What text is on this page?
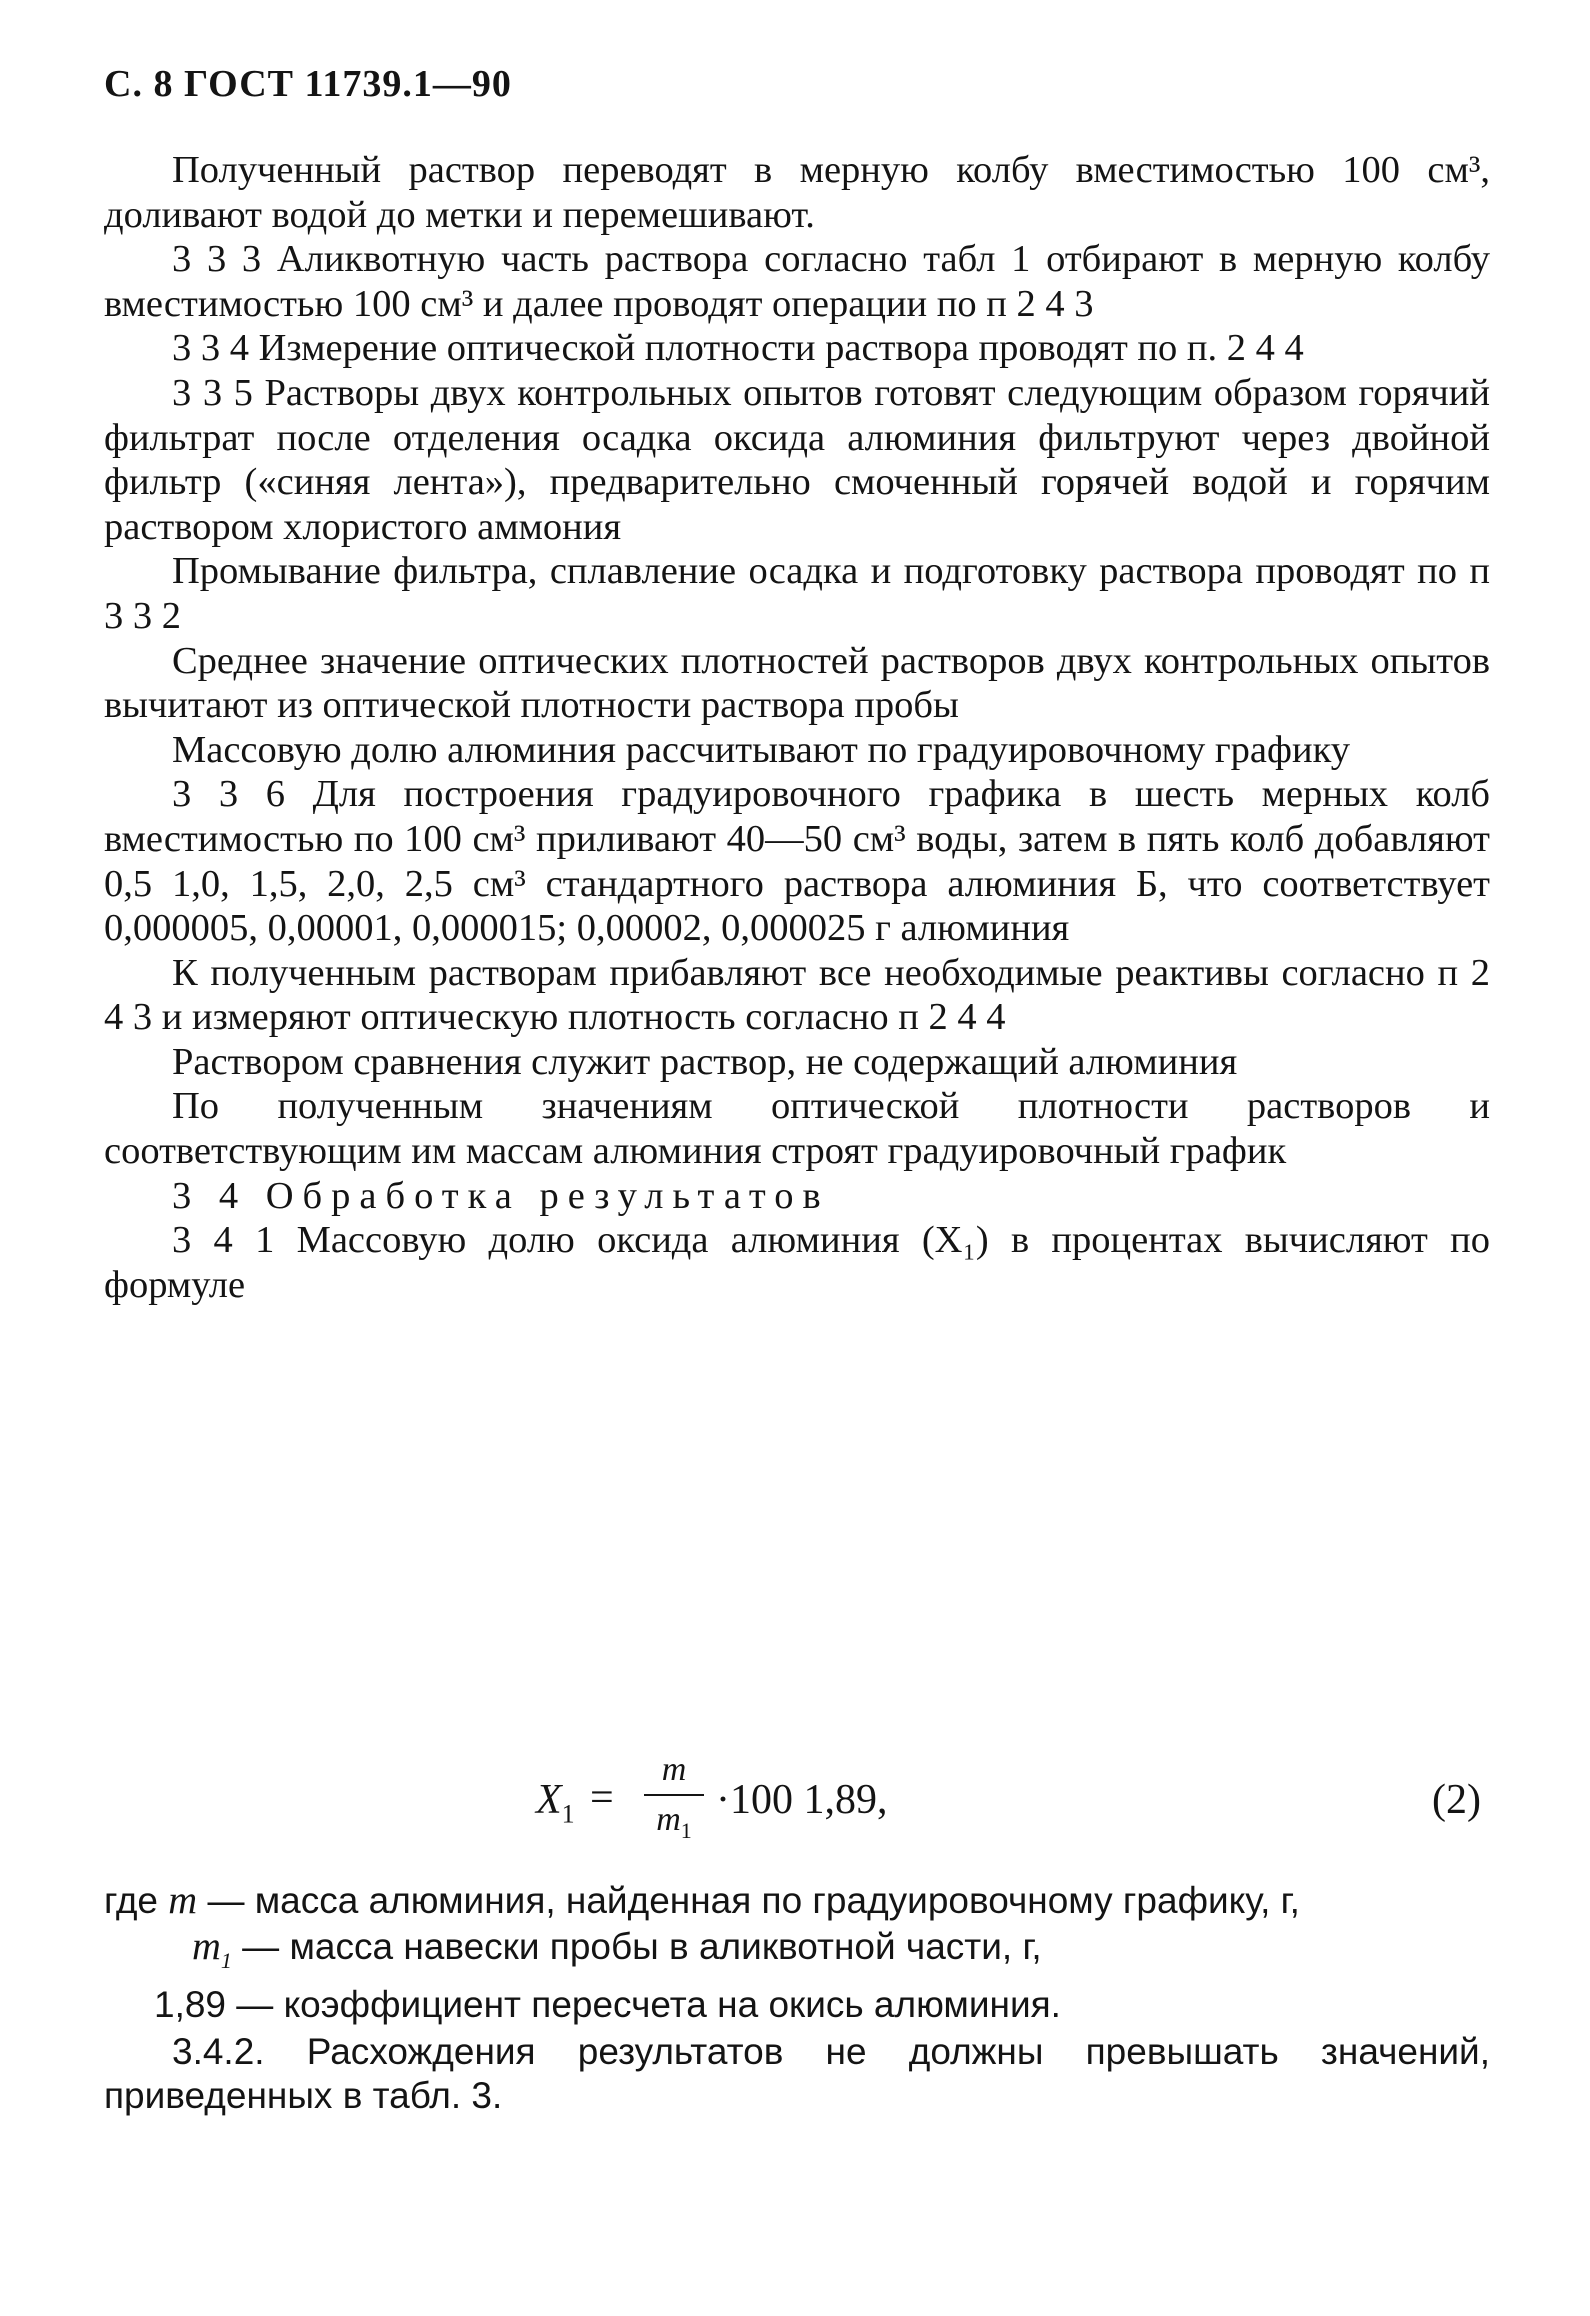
С. 8 ГОСТ 11739.1—90

Полученный раствор переводят в мерную колбу вместимостью 100 см³, доливают водой до метки и перемешивают.

3 3 3 Аликвотную часть раствора согласно табл 1 отбирают в мерную колбу вместимостью 100 см³ и далее проводят операции по п 2 4 3

3 3 4 Измерение оптической плотности раствора проводят по п. 2 4 4

3 3 5 Растворы двух контрольных опытов готовят следующим образом горячий фильтрат после отделения осадка оксида алюминия фильтруют через двойной фильтр («синяя лента»), предварительно смоченный горячей водой и горячим раствором хлористого аммония

Промывание фильтра, сплавление осадка и подготовку раствора проводят по п 3 3 2

Среднее значение оптических плотностей растворов двух контрольных опытов вычитают из оптической плотности раствора пробы

Массовую долю алюминия рассчитывают по градуировочному графику

3 3 6 Для построения градуировочного графика в шесть мерных колб вместимостью по 100 см³ приливают 40—50 см³ воды, затем в пять колб добавляют 0,5 1,0, 1,5, 2,0, 2,5 см³ стандартного раствора алюминия Б, что соответствует 0,000005, 0,00001, 0,000015; 0,00002, 0,000025 г алюминия

К полученным растворам прибавляют все необходимые реактивы согласно п 2 4 3 и измеряют оптическую плотность согласно п 2 4 4

Раствором сравнения служит раствор, не содержащий алюминия

По полученным значениям оптической плотности растворов и соответствующим им массам алюминия строят градуировочный график

3 4 Обработка результатов

3 4 1 Массовую долю оксида алюминия (X₁) в процентах вычисляют по формуле

$X_1$ =
m
$m_1$
·100 1,89,	(2)
где m — масса алюминия, найденная по градуировочному графику, г,
$m_1$ — масса навески пробы в аликвотной части, г,
1,89 — коэффициент пересчета на окись алюминия.
3.4.2. Расхождения результатов не должны превышать значений, приведенных в табл. 3.
